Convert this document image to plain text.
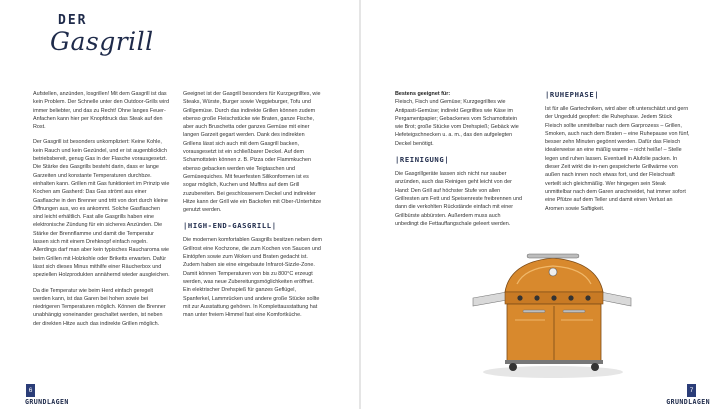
DER
Gasgrill

Aufstellen, anzünden, losgrillen! Mit dem Gasgrill ist das kein Problem. Der Schnelle unter den Outdoor-Grills wird immer beliebter, und das zu Recht! Ohne langes Feuer-Anfachen kann hier per Knopfdruck das Steak auf den Rost.

Der Gasgrill ist besonders unkompliziert: Keine Kohle, kein Rauch und kein Gezündel, und er ist augenblicklich betriebsbereit, genug Gas in der Flasche vorausgesetzt. Die Stärke des Gasgrills besteht darin, dass er lange Garzeiten und konstante Temperaturen durchbze. einhalten kann. Grillen mit Gas funktioniert im Prinzip wie Kochen am Gasherd: Das Gas strömt aus einer Gasflasche in den Brenner und tritt von dort durch kleine Öffnungen aus, wo es ankommt. Solche Gasflaschen sind leicht erhältlich. Fast alle Gasgrills haben eine elektronische Zündung für ein sicheres Anzünden. Die Stärke der Brennflamme und damit die Temperatur lassen sich mit einem Drehknopf einfach regeln. Allerdings darf man aber kein typisches Raucharoma wie beim Grillen mit Holzkohle oder Briketts erwarten. Dafür lässt sich dieses Minus mithilfe einer Räucherbox und speziellen Holzprodukten annähernd wieder ausgleichen.

Da die Temperatur wie beim Herd einfach geregelt werden kann, ist das Garen bei hohen sowie bei niedrigeren Temperaturen möglich. Können die Brenner unabhängig voneinander geschaltet werden, ist neben der direkten Hitze auch das indirekte Grillen möglich.

Geeignet ist der Gasgrill besonders für Kurzgegrilltes, wie Steaks, Würste, Burger sowie Veggieburger, Tofu und Grillgemüse. Durch das indirekte Grillen können zudem ebenso große Fleischstücke wie Braten, ganze Fische, aber auch Bruschetta oder ganzes Gemüse mit einer langen Garzeit gegart werden. Dank des indirekten Grillens lässt sich auch mit dem Gasgrill backen, vorausgesetzt ist ein schließbarer Deckel. Auf dem Schamottstein können z. B. Pizza oder Flammkuchen ebenso gebacken werden wie Teigtaschen und Gemüsequiches. Mit feuerfesten Silikonformen ist es sogar möglich, Kuchen und Muffins auf dem Grill zuzubereiten. Bei geschlossenem Deckel und indirekter Hitze kann der Grill wie ein Backofen mit Ober-/Unterhitze genutzt werden.

|HIGH-END-GASGRILL|

Die modernen komfortablen Gasgrills besitzen neben dem Grillrost eine Kochzone, die zum Kochen von Saucen und Eintöpfen sowie zum Woken und Braten gedacht ist. Zudem haben sie eine eingebaute Infrarot-Sizzle-Zone. Damit können Temperaturen von bis zu 800°C erzeugt werden, was neue Zubereitungsmöglichkeiten eröffnet. Ein elektrischer Drehspieß für ganzes Geflügel, Spanferkel, Lammrücken und andere große Stücke sollte mit zur Ausstattung gehören. In Komplettausstattung hat man unter freiem Himmel fast eine Komfortküche.

6
GRUNDLAGEN

Bestens geeignet für:

Fleisch, Fisch und Gemüse; Kurzgegrilltes wie Antipasti-Gemüse; indirekt Gegrilltes wie Käse im Pergamentpapier; Gebackenes vom Schamottstein wie Brot; große Stücke vom Drehspieß; Gebäck wie Hefeteigschnecken u. a. m., das den aufgelegten Deckel benötigt.

|REINIGUNG|

Die Gasgrillgeräte lassen sich nicht nur sauber anzünden, auch das Reinigen geht leicht von der Hand: Den Grill auf höchster Stufe von allen Grillresten am Fett und Speisenreste freibrennen und dann die verkohlten Rückstände einfach mit einer Grillbürste abbürsten. Außerdem muss auch unbedingt die Fettauffangschale geleert werden.

|RUHEPHASE|

Ist für alle Gartechniken, wird aber oft unterschätzt und gern der Ungeduld geopfert: die Ruhephase. Jedem Stück Fleisch sollte unmittelbar nach dem Garprozess – Grillen, Smoken, auch nach dem Braten – eine Ruhepause von fünf, besser zehn Minuten gegönnt werden. Dafür das Fleisch idealerweise an eine mäßig warme – nicht heiße! – Stelle legen und ruhen lassen. Eventuell in Alufolie packen. In dieser Zeit wirkt die in-nen gespeicherte Grillwärme von außen nach innen noch etwas fort, und der Fleischsaft verteilt sich gleichmäßig. Wer hingegen sein Steak unmittelbar nach dem Garen anschneidet, hat immer sofort eine Pfütze auf dem Teller und damit einen Verlust an Aromen sowie Saftigkeit.

7
GRUNDLAGEN
